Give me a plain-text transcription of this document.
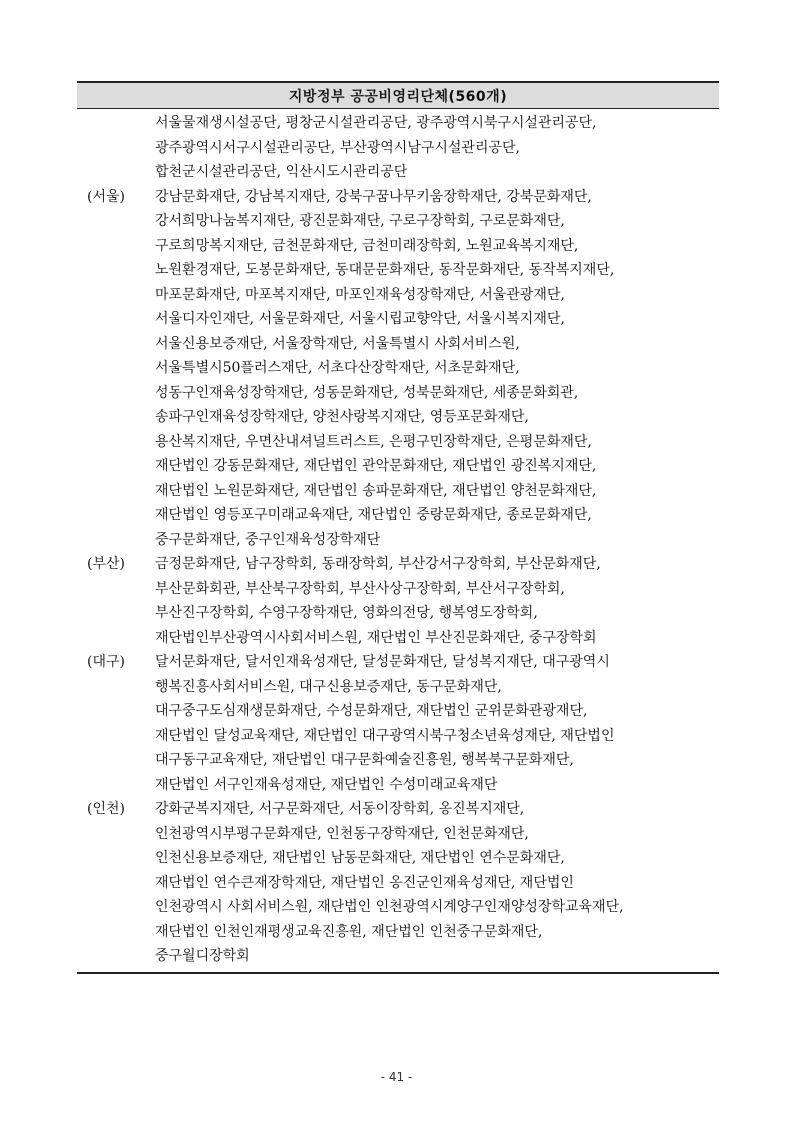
지방정부 공공비영리단체(560개)
서울물재생시설공단, 평창군시설관리공단, 광주광역시북구시설관리공단,
광주광역시서구시설관리공단, 부산광역시남구시설관리공단,
합천군시설관리공단, 익산시도시관리공단
(서울) 강남문화재단, 강남복지재단, 강북구꿈나무키움장학재단, 강북문화재단,
강서희망나눔복지재단, 광진문화재단, 구로구장학회, 구로문화재단,
구로희망복지재단, 금천문화재단, 금천미래장학회, 노원교육복지재단,
노원환경재단, 도봉문화재단, 동대문문화재단, 동작문화재단, 동작복지재단,
마포문화재단, 마포복지재단, 마포인재육성장학재단, 서울관광재단,
서울디자인재단, 서울문화재단, 서울시립교향악단, 서울시복지재단,
서울신용보증재단, 서울장학재단, 서울특별시 사회서비스원,
서울특별시50플러스재단, 서초다산장학재단, 서초문화재단,
성동구인재육성장학재단, 성동문화재단, 성북문화재단, 세종문화회관,
송파구인재육성장학재단, 양천사랑복지재단, 영등포문화재단,
용산복지재단, 우면산내셔널트러스트, 은평구민장학재단, 은평문화재단,
재단법인 강동문화재단, 재단법인 관악문화재단, 재단법인 광진복지재단,
재단법인 노원문화재단, 재단법인 송파문화재단, 재단법인 양천문화재단,
재단법인 영등포구미래교육재단, 재단법인 중랑문화재단, 종로문화재단,
중구문화재단, 중구인재육성장학재단
(부산) 금정문화재단, 남구장학회, 동래장학회, 부산강서구장학회, 부산문화재단,
부산문화회관, 부산북구장학회, 부산사상구장학회, 부산서구장학회,
부산진구장학회, 수영구장학재단, 영화의전당, 행복영도장학회,
재단법인부산광역시사회서비스원, 재단법인 부산진문화재단, 중구장학회
(대구) 달서문화재단, 달서인재육성재단, 달성문화재단, 달성복지재단, 대구광역시
행복진흥사회서비스원, 대구신용보증재단, 동구문화재단,
대구중구도심재생문화재단, 수성문화재단, 재단법인 군위문화관광재단,
재단법인 달성교육재단, 재단법인 대구광역시북구청소년육성재단, 재단법인
대구동구교육재단, 재단법인 대구문화예술진흥원, 행복북구문화재단,
재단법인 서구인재육성재단, 재단법인 수성미래교육재단
(인천) 강화군복지재단, 서구문화재단, 서동이장학회, 옹진복지재단,
인천광역시부평구문화재단, 인천동구장학재단, 인천문화재단,
인천신용보증재단, 재단법인 남동문화재단, 재단법인 연수문화재단,
재단법인 연수큰재장학재단, 재단법인 옹진군인재육성재단, 재단법인
인천광역시 사회서비스원, 재단법인 인천광역시계양구인재양성장학교육재단,
재단법인 인천인재평생교육진흥원, 재단법인 인천중구문화재단,
중구월디장학회
- 41 -
